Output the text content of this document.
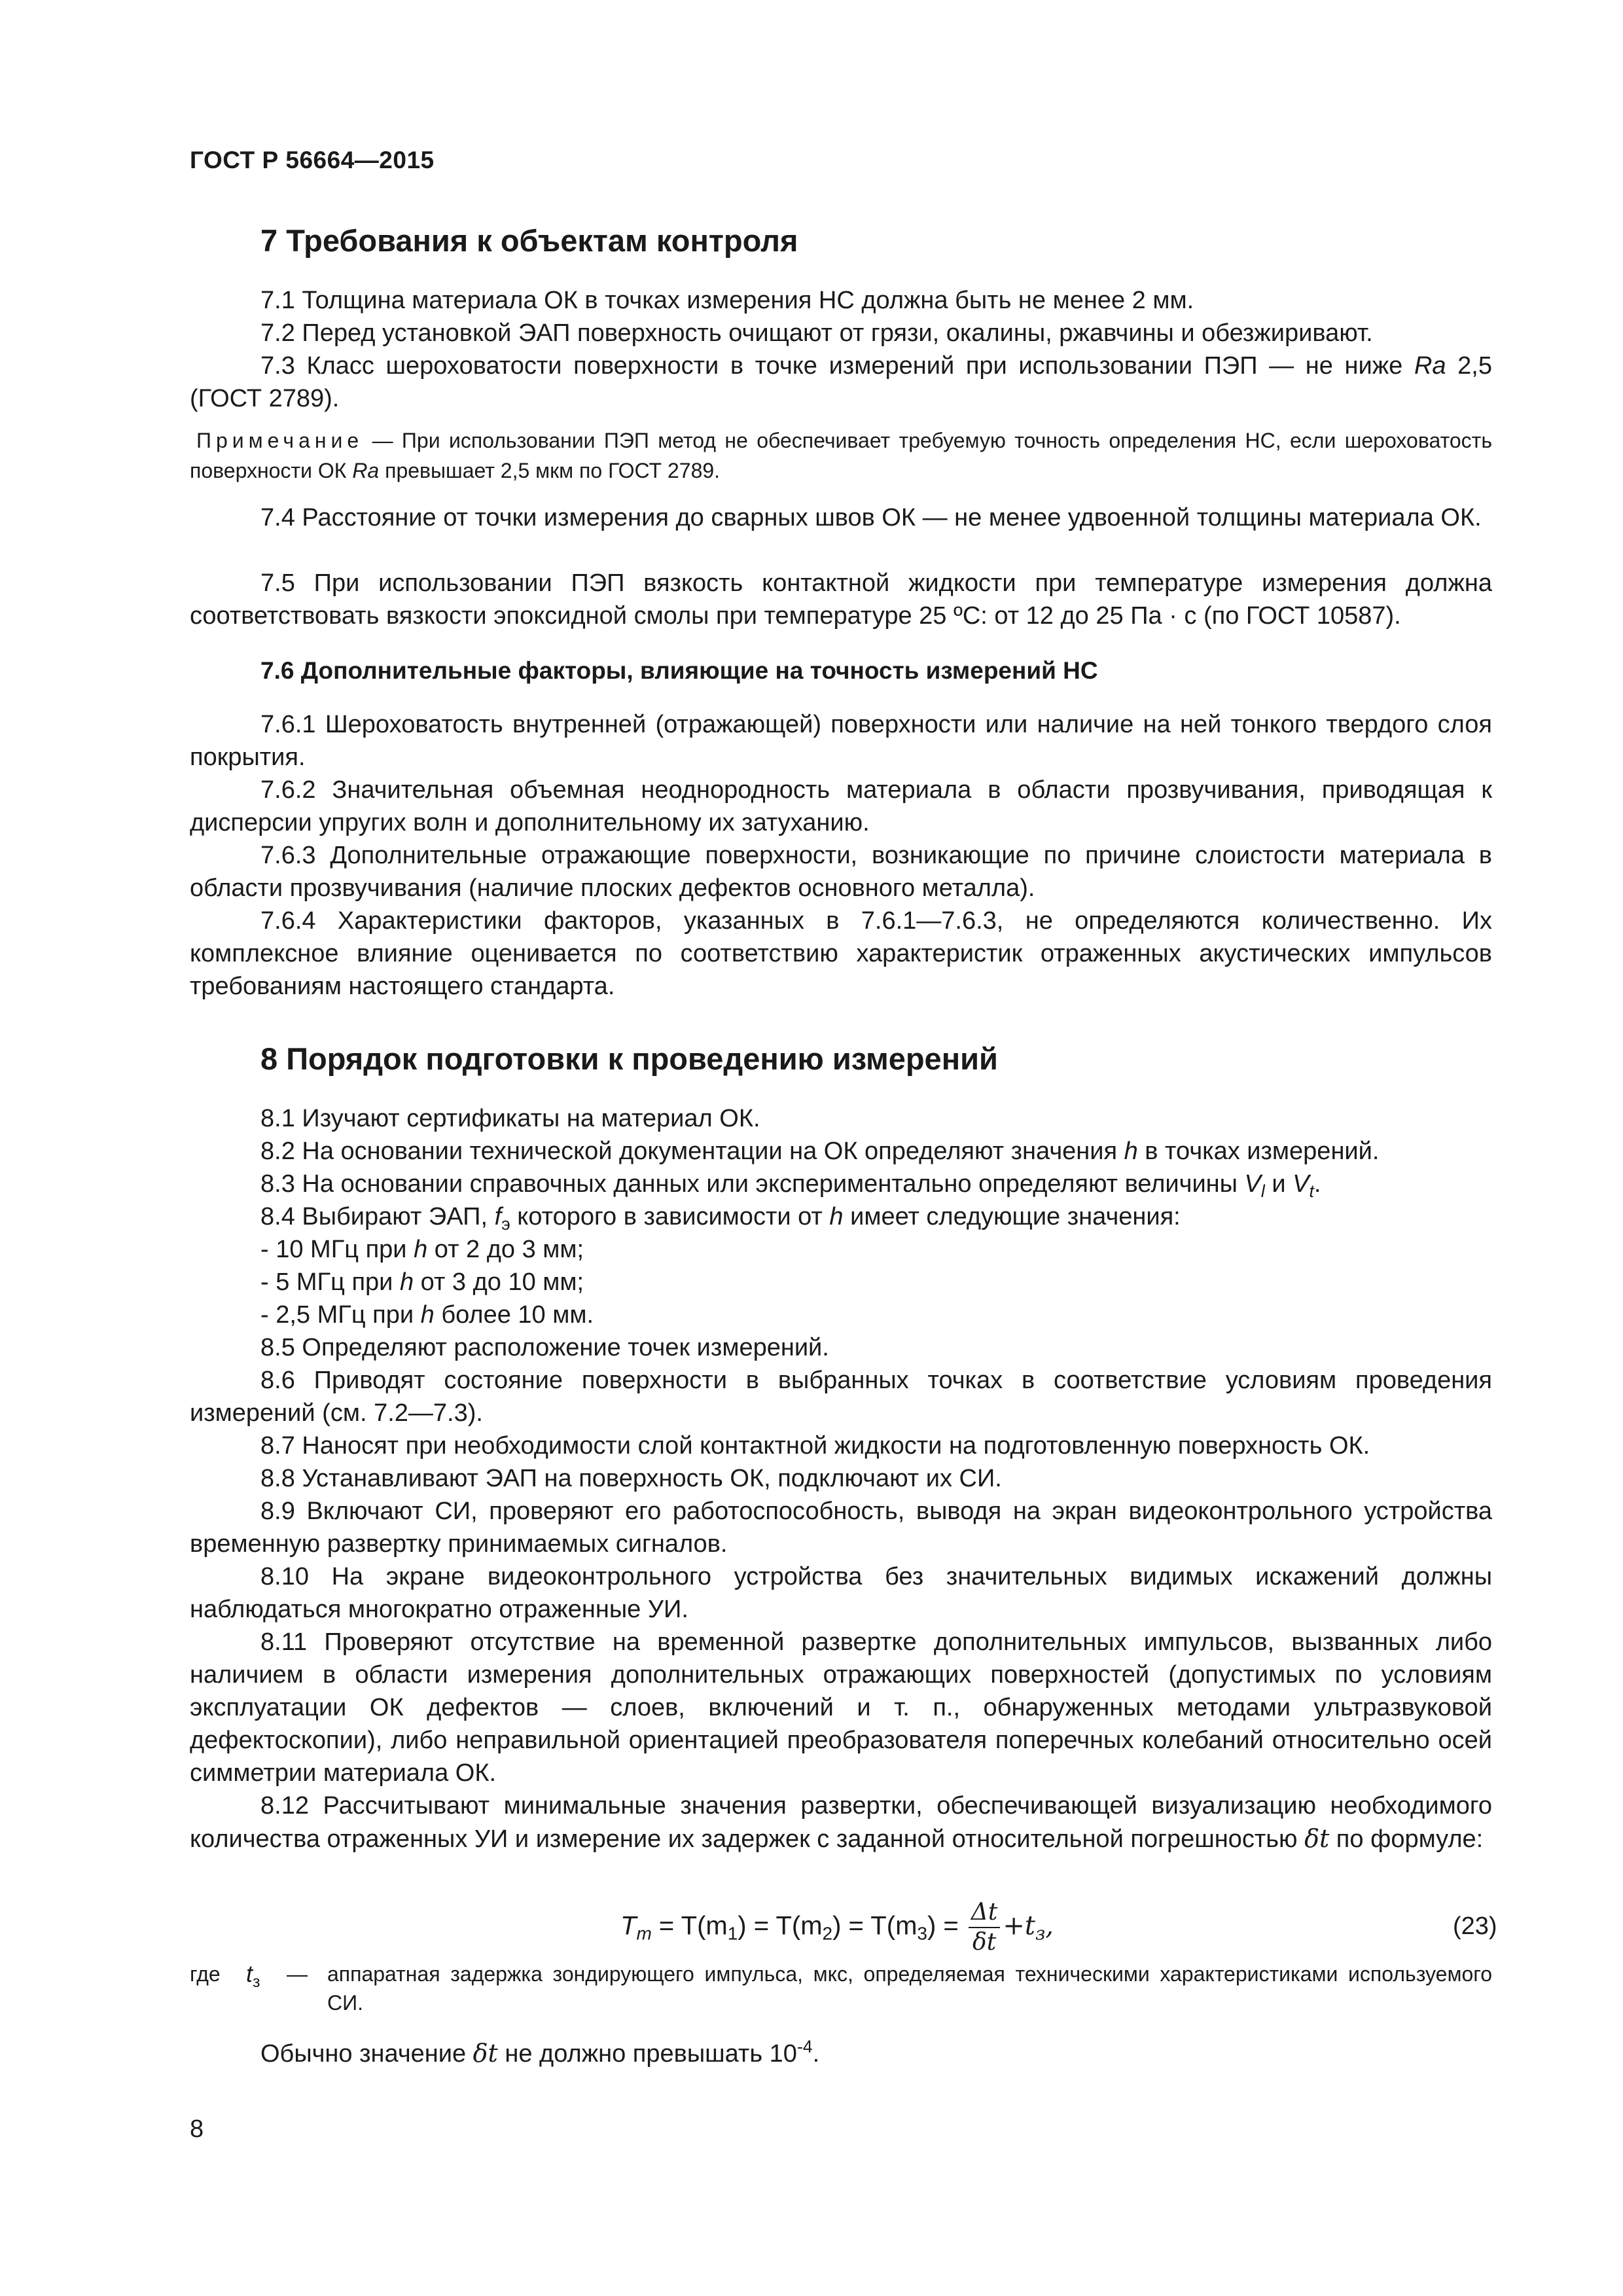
ГОСТ Р 56664—2015
7 Требования к объектам контроля
7.1 Толщина материала ОК в точках измерения НС должна быть не менее 2 мм.
7.2 Перед установкой ЭАП поверхность очищают от грязи, окалины, ржавчины и обезжиривают.
7.3 Класс шероховатости поверхности в точке измерений при использовании ПЭП — не ниже Ra 2,5 (ГОСТ 2789).
Примечание — При использовании ПЭП метод не обеспечивает требуемую точность определения НС, если шероховатость поверхности ОК Ra превышает 2,5 мкм по ГОСТ 2789.
7.4 Расстояние от точки измерения до сварных швов ОК — не менее удвоенной толщины материала ОК.
7.5 При использовании ПЭП вязкость контактной жидкости при температуре измерения должна соответствовать вязкости эпоксидной смолы при температуре 25 ºС: от 12 до 25 Па · с (по ГОСТ 10587).
7.6 Дополнительные факторы, влияющие на точность измерений НС
7.6.1 Шероховатость внутренней (отражающей) поверхности или наличие на ней тонкого твердого слоя покрытия.
7.6.2 Значительная объемная неоднородность материала в области прозвучивания, приводящая к дисперсии упругих волн и дополнительному их затуханию.
7.6.3 Дополнительные отражающие поверхности, возникающие по причине слоистости материала в области прозвучивания (наличие плоских дефектов основного металла).
7.6.4 Характеристики факторов, указанных в 7.6.1—7.6.3, не определяются количественно. Их комплексное влияние оценивается по соответствию характеристик отраженных акустических импульсов требованиям настоящего стандарта.
8 Порядок подготовки к проведению измерений
8.1 Изучают сертификаты на материал ОК.
8.2 На основании технической документации на ОК определяют значения h в точках измерений.
8.3 На основании справочных данных или экспериментально определяют величины $V_l$ и $V_t$.
8.4 Выбирают ЭАП, $f_э$ которого в зависимости от h имеет следующие значения:
- 10 МГц при h от 2 до 3 мм;
- 5 МГц при h от 3 до 10 мм;
- 2,5 МГц при h более 10 мм.
8.5 Определяют расположение точек измерений.
8.6 Приводят состояние поверхности в выбранных точках в соответствие условиям проведения измерений (см. 7.2—7.3).
8.7 Наносят при необходимости слой контактной жидкости на подготовленную поверхность ОК.
8.8 Устанавливают ЭАП на поверхность ОК, подключают их СИ.
8.9 Включают СИ, проверяют его работоспособность, выводя на экран видеоконтрольного устройства временную развертку принимаемых сигналов.
8.10 На экране видеоконтрольного устройства без значительных видимых искажений должны наблюдаться многократно отраженные УИ.
8.11 Проверяют отсутствие на временной развертке дополнительных импульсов, вызванных либо наличием в области измерения дополнительных отражающих поверхностей (допустимых по условиям эксплуатации ОК дефектов — слоев, включений и т. п., обнаруженных методами ультразвуковой дефектоскопии), либо неправильной ориентацией преобразователя поперечных колебаний относительно осей симметрии материала ОК.
8.12 Рассчитывают минимальные значения развертки, обеспечивающей визуализацию необходимого количества отраженных УИ и измерение их задержек с заданной относительной погрешностью δt по формуле:
$T_m = T(m_1) = T(m_2) = T(m_3) = \frac{\Delta t}{\delta t} +t_з$,	(23)
где $t_з$ — аппаратная задержка зондирующего импульса, мкс, определяемая техническими характеристиками используемого СИ.
Обычно значение δt не должно превышать $10^{-4}$.
8
